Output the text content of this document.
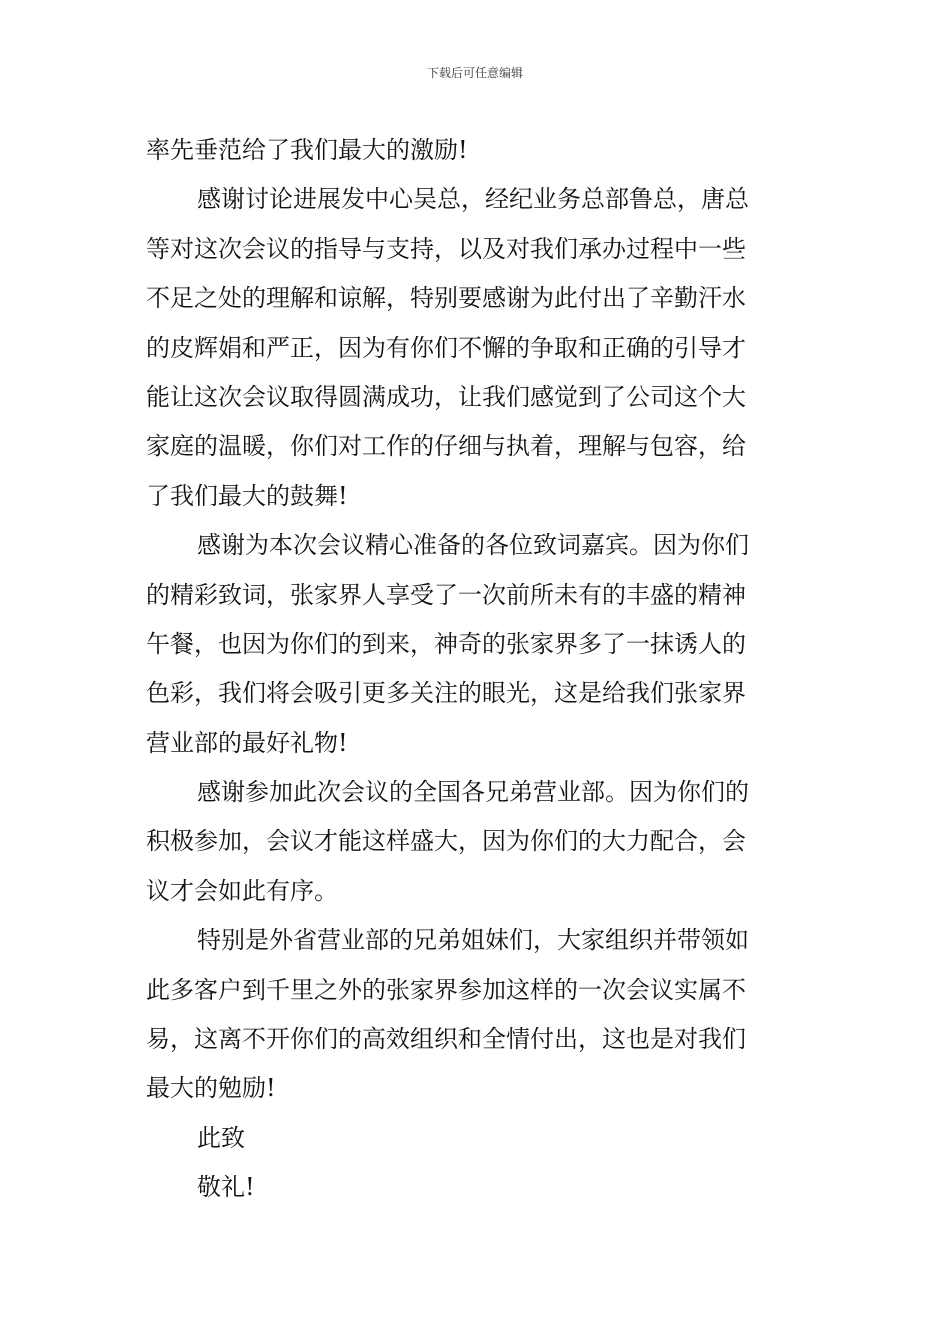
下载后可任意编辑
率先垂范给了我们最大的激励!
感谢讨论进展发中心吴总，经纪业务总部鲁总，唐总
等对这次会议的指导与支持，以及对我们承办过程中一些
不足之处的理解和谅解，特别要感谢为此付出了辛勤汗水
的皮辉娟和严正，因为有你们不懈的争取和正确的引导才
能让这次会议取得圆满成功，让我们感觉到了公司这个大
家庭的温暖，你们对工作的仔细与执着，理解与包容，给
了我们最大的鼓舞!
感谢为本次会议精心准备的各位致词嘉宾。因为你们
的精彩致词，张家界人享受了一次前所未有的丰盛的精神
午餐，也因为你们的到来，神奇的张家界多了一抹诱人的
色彩，我们将会吸引更多关注的眼光，这是给我们张家界
营业部的最好礼物!
感谢参加此次会议的全国各兄弟营业部。因为你们的
积极参加，会议才能这样盛大，因为你们的大力配合，会
议才会如此有序。
特别是外省营业部的兄弟姐妹们，大家组织并带领如
此多客户到千里之外的张家界参加这样的一次会议实属不
易，这离不开你们的高效组织和全情付出，这也是对我们
最大的勉励!
此致
敬礼!
